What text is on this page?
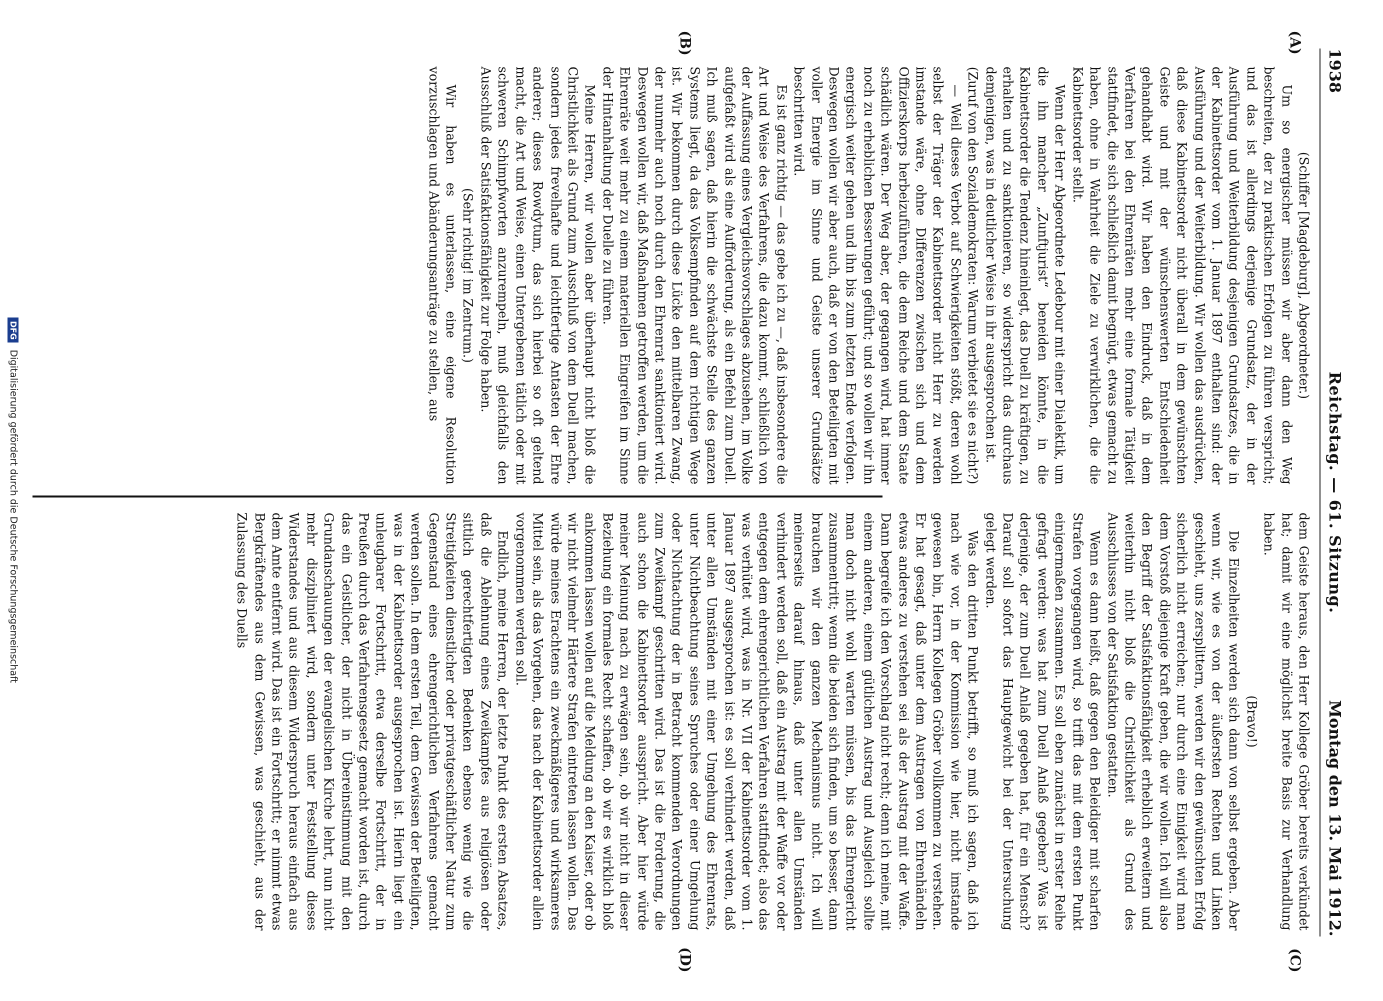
1938
Reichstag. — 61. Sitzung.
Montag den 13. Mai 1912.
(A)
(B)
(C)
(D)

(Schiffer [Magdeburg], Abgeordneter.)

Um so energischer müssen wir aber dann den Weg beschreiten, der zu praktischen Erfolgen zu führen verspricht; und das ist allerdings derjenige Grundsatz, der in der Ausführung und Weiterbildung desjenigen Grundsatzes, die in der Kabinettsorder vom 1. Januar 1897 enthalten sind: der Ausführung und der Weiterbildung. Wir wollen das ausdrücken, daß diese Kabinettsorder nicht überall in dem gewünschten Geiste und mit der wünschenswerten Entschiedenheit gehandhabt wird. Wir haben den Eindruck, daß in dem Verfahren bei den Ehrenräten mehr eine formale Tätigkeit stattfindet, die sich schließlich damit begnügt, etwas gemacht zu haben, ohne in Wahrheit die Ziele zu verwirklichen, die die Kabinettsorder stellt.

Wenn der Herr Abgeordnete Ledebour mit einer Dialektik, um die ihn mancher „Zunftjurist“ beneiden könnte, in die Kabinettsorder die Tendenz hineinlegt, das Duell zu kräftigen, zu erhalten und zu sanktionieren, so widerspricht das durchaus demjenigen, was in deutlicher Weise in ihr ausgesprochen ist.

(Zuruf von den Sozialdemokraten: Warum verbietet sie es nicht?)

— Weil dieses Verbot auf Schwierigkeiten stößt, deren wohl selbst der Träger der Kabinettsorder nicht Herr zu werden imstande wäre, ohne Differenzen zwischen sich und dem Offizierskorps herbeizuführen, die dem Reiche und dem Staate schädlich wären. Der Weg aber, der gegangen wird, hat immer noch zu erheblichen Besserungen geführt; und so wollen wir ihn energisch weiter gehen und ihn bis zum letzten Ende verfolgen. Deswegen wollen wir aber auch, daß er von den Beteiligten mit voller Energie im Sinne und Geiste unserer Grundsätze beschritten wird.

Es ist ganz richtig — das gebe ich zu —, daß insbesondere die Art und Weise des Verfahrens, die dazu kommt, schließlich von der Auffassung eines Vergleichsvorschlages abzusehen, im Volke aufgefaßt wird als eine Aufforderung, als ein Befehl zum Duell. Ich muß sagen, daß hierin die schwächste Stelle des ganzen Systems liegt, da das Volksempfinden auf dem richtigen Wege ist. Wir bekommen durch diese Lücke den mittelbaren Zwang, der nunmehr auch noch durch den Ehrenrat sanktioniert wird. Deswegen wollen wir, daß Maßnahmen getroffen werden, um die Ehrenräte weit mehr zu einem materiellen Eingreifen im Sinne der Hintanhaltung der Duelle zu führen.

Meine Herren, wir wollen aber überhaupt nicht bloß die Christlichkeit als Grund zum Ausschluß von dem Duell machen, sondern jedes frevelhafte und leichtfertige Antasten der Ehre anderer; dieses Rowdytum, das sich hierbei so oft geltend macht, die Art und Weise, einen Untergebenen tätlich oder mit schweren Schimpfworten anzurempeln, muß gleichfalls den Ausschluß der Satisfaktionsfähigkeit zur Folge haben.

(Sehr richtig! im Zentrum.)

Wir haben es unterlassen, eine eigene Resolution vorzuschlagen und Abänderungsanträge zu stellen, aus

dem Geiste heraus, den Herr Kollege Gröber bereits verkündet hat; damit wir eine möglichst breite Basis zur Verhandlung haben.

(Bravo!)

Die Einzelheiten werden sich dann von selbst ergeben. Aber wenn wir, wie es von der äußersten Rechten und Linken geschieht, uns zersplittern, werden wir den gewünschten Erfolg sicherlich nicht erreichen; nur durch eine Einigkeit wird man dem Vorstoß diejenige Kraft geben, die wir wollen. Ich will also den Begriff der Satisfaktionsfähigkeit erheblich erweitern und weiterhin nicht bloß die Christlichkeit als Grund des Ausschlusses von der Satisfaktion gestatten.

Wenn es dann heißt, daß gegen den Beleidiger mit scharfen Strafen vorgegangen wird, so trifft das mit dem ersten Punkt einigermaßen zusammen. Es soll eben zunächst in erster Reihe gefragt werden: was hat zum Duell Anlaß gegeben? Was ist derjenige, der zum Duell Anlaß gegeben hat, für ein Mensch? Darauf soll sofort das Hauptgewicht bei der Untersuchung gelegt werden.

Was den dritten Punkt betrifft, so muß ich sagen, daß ich nach wie vor, in der Kommission wie hier, nicht imstande gewesen bin, Herrn Kollegen Gröber vollkommen zu verstehen. Er hat gesagt, daß unter dem Austragen von Ehrenhändeln etwas anderes zu verstehen sei als der Austrag mit der Waffe. Dann begreife ich den Vorschlag nicht recht; denn ich meine, mit einem anderen, einem gütlichen Austrag und Ausgleich sollte man doch nicht wohl warten müssen, bis das Ehrengericht zusammentritt; wenn die beiden sich finden, um so besser, dann brauchen wir den ganzen Mechanismus nicht. Ich will meinerseits darauf hinaus, daß unter allen Umständen verhindert werden soll, daß ein Austrag mit der Waffe vor oder entgegen dem ehrengerichtlichen Verfahren stattfindet; also das was verhütet wird, was in Nr. VII der Kabinettsorder vom 1. Januar 1897 ausgesprochen ist: es soll verhindert werden, daß unter allen Umständen mit einer Umgehung des Ehrenrats, unter Nichtbeachtung seines Spruches oder einer Umgehung oder Nichtachtung der in Betracht kommenden Verordnungen zum Zweikampf geschritten wird. Das ist die Forderung, die auch schon die Kabinettsorder ausspricht. Aber hier würde meiner Meinung nach zu erwägen sein, ob wir nicht in dieser Beziehung ein formales Recht schaffen, ob wir es wirklich bloß ankommen lassen wollen auf die Meldung an den Kaiser, oder ob wir nicht vielmehr Härtere Strafen eintreten lassen wollen. Das würde meines Erachtens ein zweckmäßigeres und wirksameres Mittel sein, als das Vorgehen, das nach der Kabinettsorder allein vorgenommen werden soll.

Endlich, meine Herren, der letzte Punkt des ersten Absatzes, daß die Ablehnung eines Zweikampfes aus religiösen oder sittlich gerechtfertigten Bedenken ebenso wenig wie die Streitigkeiten dienstlicher oder privatgeschäftlicher Natur zum Gegenstand eines ehrengerichtlichen Verfahrens gemacht werden sollen. In dem ersten Teil, dem Gewissen der Beteiligten, was in der Kabinettsorder ausgesprochen ist. Hierin liegt ein unleugbarer Fortschritt, etwa derselbe Fortschritt, der in Preußen durch das Verfahrensgesetz gemacht worden ist, durch das ein Geistlicher, der nicht in Übereinstimmung mit den Grundanschauungen der evangelischen Kirche lehrt, nun nicht mehr diszipliniert wird, sondern unter Feststellung dieses Widerstandes und aus diesem Widerspruch heraus einfach aus dem Amte entfernt wird. Das ist ein Fortschritt; er nimmt etwas Bergkräftendes aus dem Gewissen, was geschieht, aus der Zulassung des Duells

DFG Digitalisierung gefördert durch die Deutsche Forschungsgemeinschaft
